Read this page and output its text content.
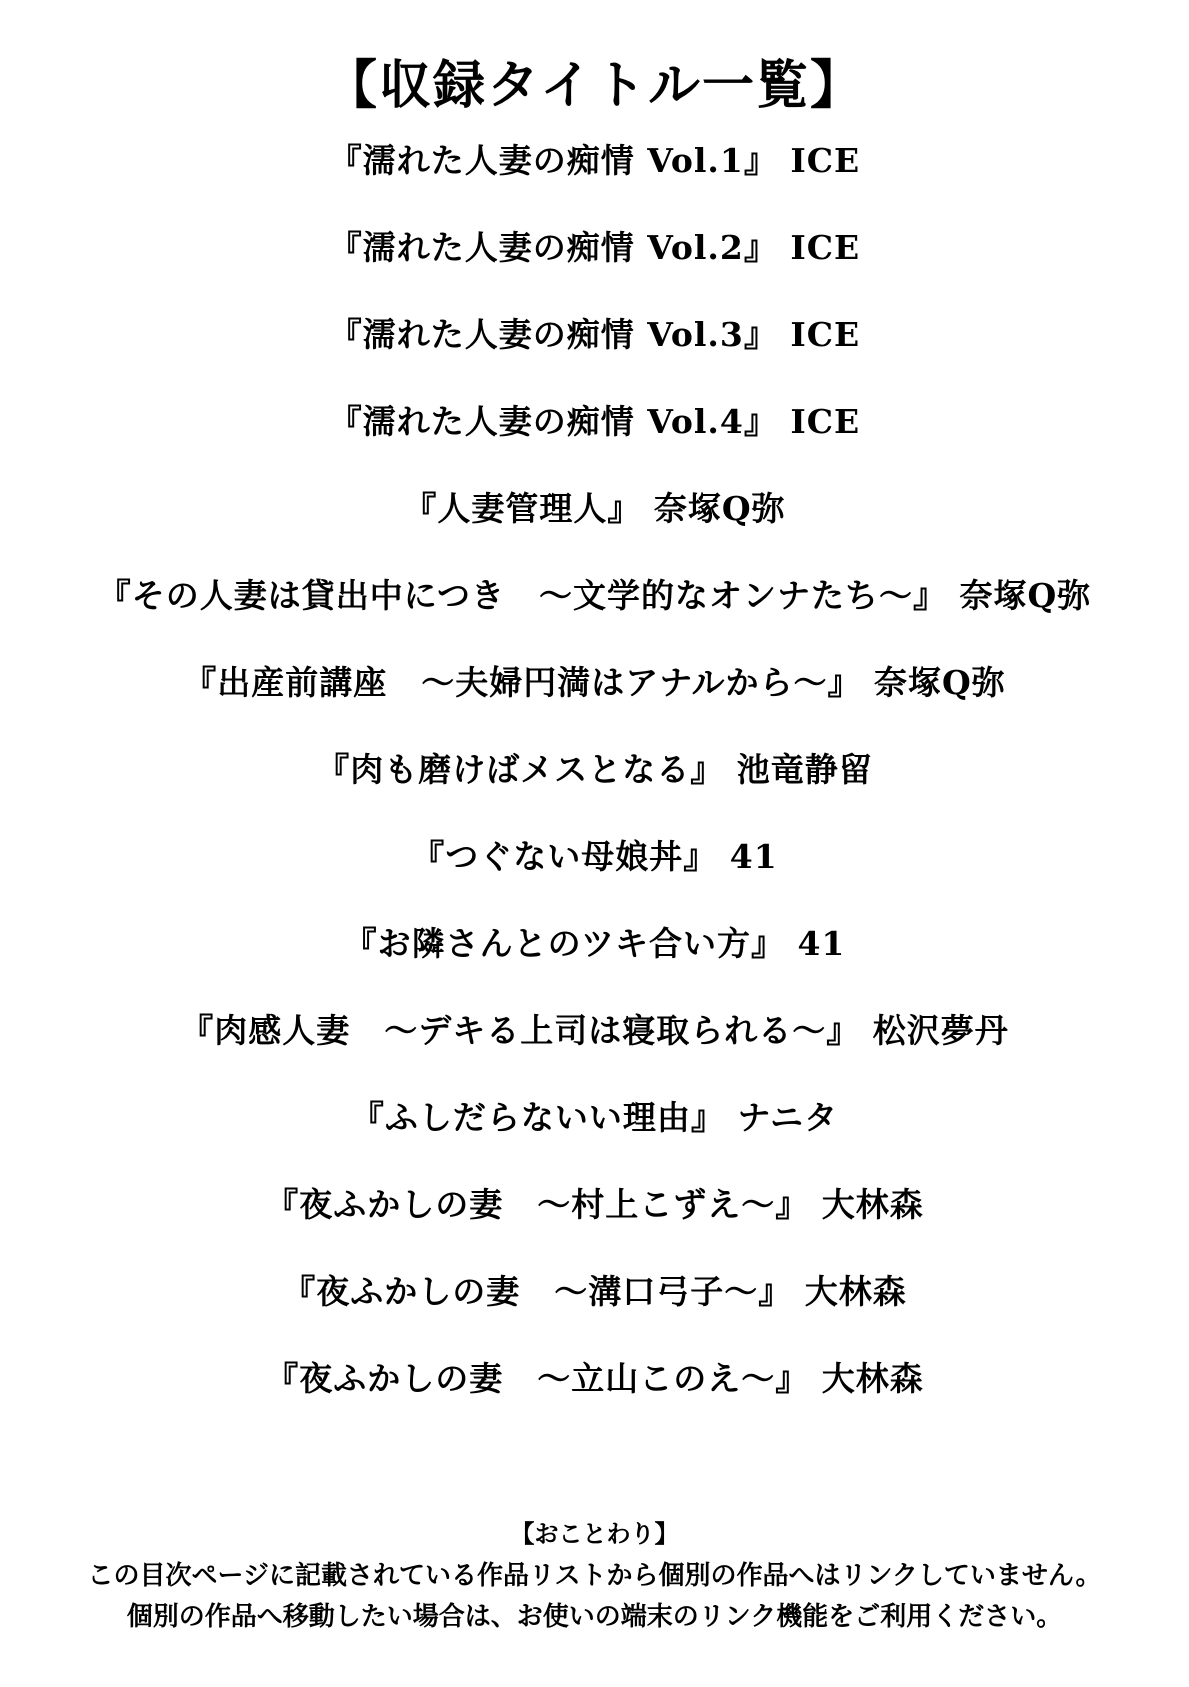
【収録タイトル一覧】
『濡れた人妻の痴情 Vol.1』 ICE
『濡れた人妻の痴情 Vol.2』 ICE
『濡れた人妻の痴情 Vol.3』 ICE
『濡れた人妻の痴情 Vol.4』 ICE
『人妻管理人』 奈塚Q弥
『その人妻は貸出中につき　〜文学的なオンナたち〜』 奈塚Q弥
『出産前講座　〜夫婦円満はアナルから〜』 奈塚Q弥
『肉も磨けばメスとなる』 池竜静留
『つぐない母娘丼』 41
『お隣さんとのツキ合い方』 41
『肉感人妻　〜デキる上司は寝取られる〜』 松沢夢丹
『ふしだらないい理由』 ナニタ
『夜ふかしの妻　〜村上こずえ〜』 大林森
『夜ふかしの妻　〜溝口弓子〜』 大林森
『夜ふかしの妻　〜立山このえ〜』 大林森
【おことわり】
この目次ページに記載されている作品リストから個別の作品へはリンクしていません。
個別の作品へ移動したい場合は、お使いの端末のリンク機能をご利用ください。
